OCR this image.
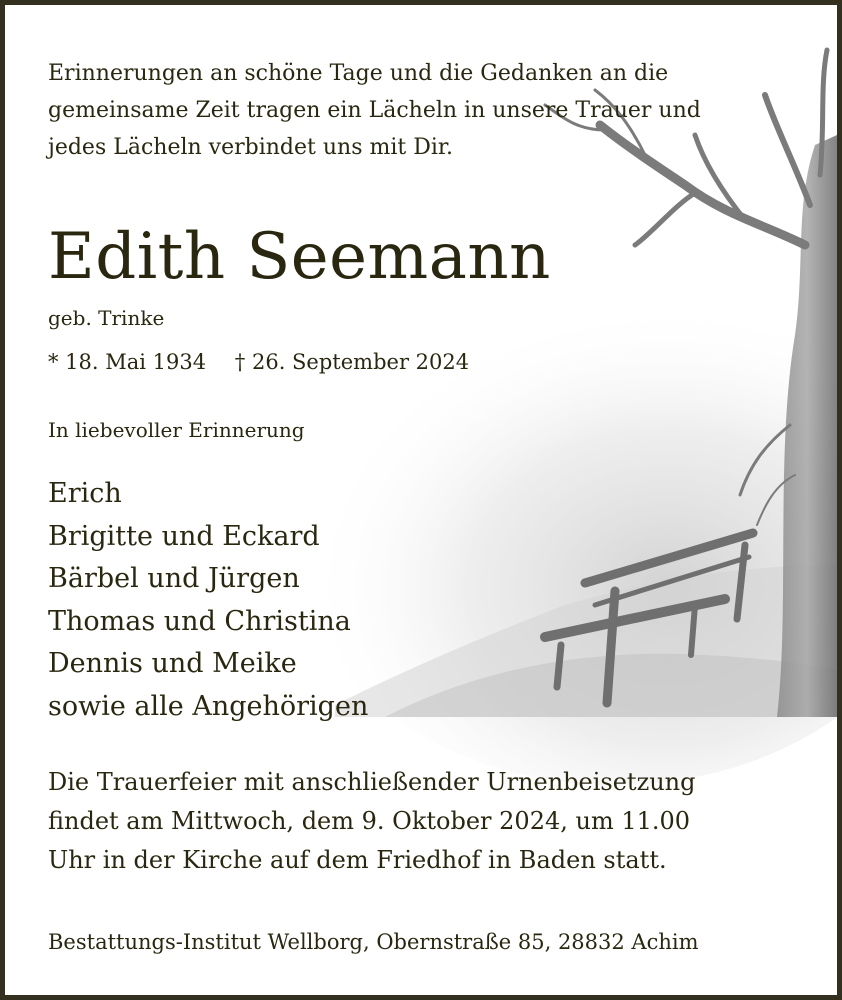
Erinnerungen an schöne Tage und die Gedanken an die
gemeinsame Zeit tragen ein Lächeln in unsere Trauer und
jedes Lächeln verbindet uns mit Dir.
Edith Seemann
geb. Trinke
* 18. Mai 1934 † 26. September 2024
In liebevoller Erinnerung
Erich
Brigitte und Eckard
Bärbel und Jürgen
Thomas und Christina
Dennis und Meike
sowie alle Angehörigen
Die Trauerfeier mit anschließender Urnenbeisetzung
findet am Mittwoch, dem 9. Oktober 2024, um 11.00
Uhr in der Kirche auf dem Friedhof in Baden statt.
Bestattungs-Institut Wellborg, Obernstraße 85, 28832 Achim
